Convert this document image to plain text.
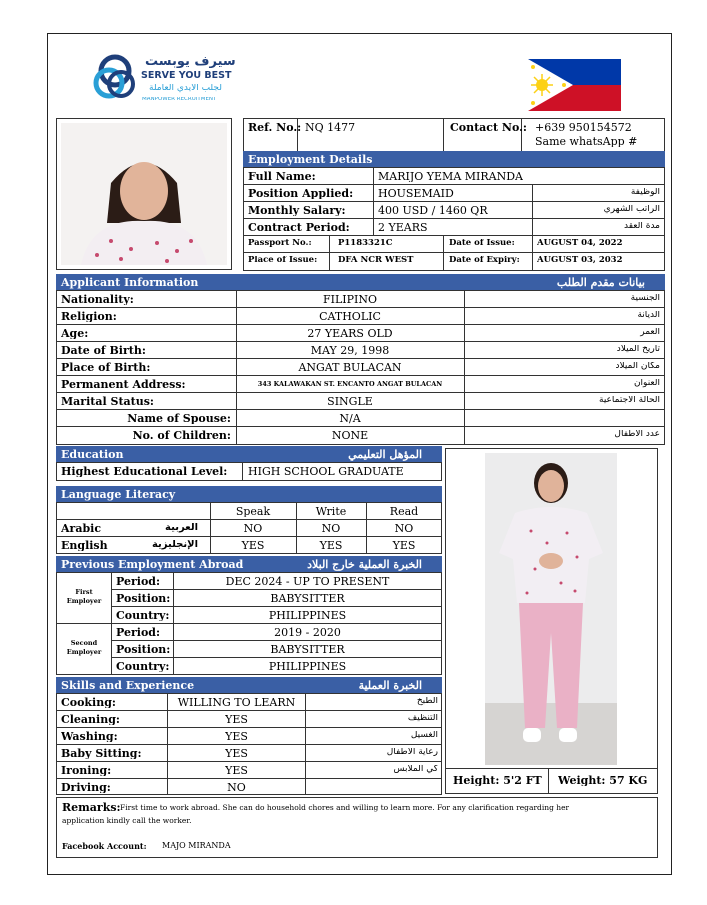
سيرف يوبست
SERVE YOU BEST
لجلب الايدي العاملة
MANPOWER RECRUITMENT
Ref. No.: NQ 1477	Contact No.: +639 950154572
Same whatsApp #
Employment Details
Full Name:	MARIJO YEMA MIRANDA
Position Applied: HOUSEMAID	الوظيفة
Monthly Salary:	400 USD / 1460 QR	الراتب الشهري
Contract Period:	2 YEARS	مدة العقد
Passport No.:	P1183321C	Date of Issue:	AUGUST 04, 2022
Place of Issue: DFA NCR WEST	Date of Expiry: AUGUST 03, 2032
Applicant Information	بيانات مقدم الطلب
Nationality:	FILIPINO	الجنسية
Religion:	CATHOLIC	الديانة
Age:	27 YEARS OLD	العمر
Date of Birth:	MAY 29, 1998	تاريخ الميلاد
Place of Birth:	ANGAT BULACAN	مكان الميلاد
Permanent Address:	343 KALAWAKAN ST. ENCANTO ANGAT BULACAN	العنوان
Marital Status:	SINGLE	الحالة الاجتماعية
Name of Spouse:	N/A
No. of Children:	NONE	عدد الاطفال
Education	المؤهل التعليمي
Highest Educational Level: HIGH SCHOOL GRADUATE
Language Literacy
Speak	Write	Read
Arabic	العربية	NO	NO	NO
English	الإنجليزية	YES	YES	YES
Previous Employment Abroad	الخبرة العملية خارج البلاد
First
Employer
Period:	DEC 2024 - UP TO PRESENT
Position:	BABYSITTER
Country:	PHILIPPINES
Second
Employer
Period:	2019 - 2020
Position:	BABYSITTER
Country:	PHILIPPINES
Skills and Experience	الخبرة العملية
Cooking:	WILLING TO LEARN	الطبخ
Cleaning:	YES	التنظيف
Washing:	YES	الغسيل
Baby Sitting:	YES	رعاية الاطفال
Ironing:	YES	كي الملابس
Driving:	NO
Height: 5'2 FT Weight: 57 KG
Remarks: First time to work abroad. She can do household chores and willing to learn more. For any clarification regarding her
application kindly call the worker.
Facebook Account: MAJO MIRANDA
